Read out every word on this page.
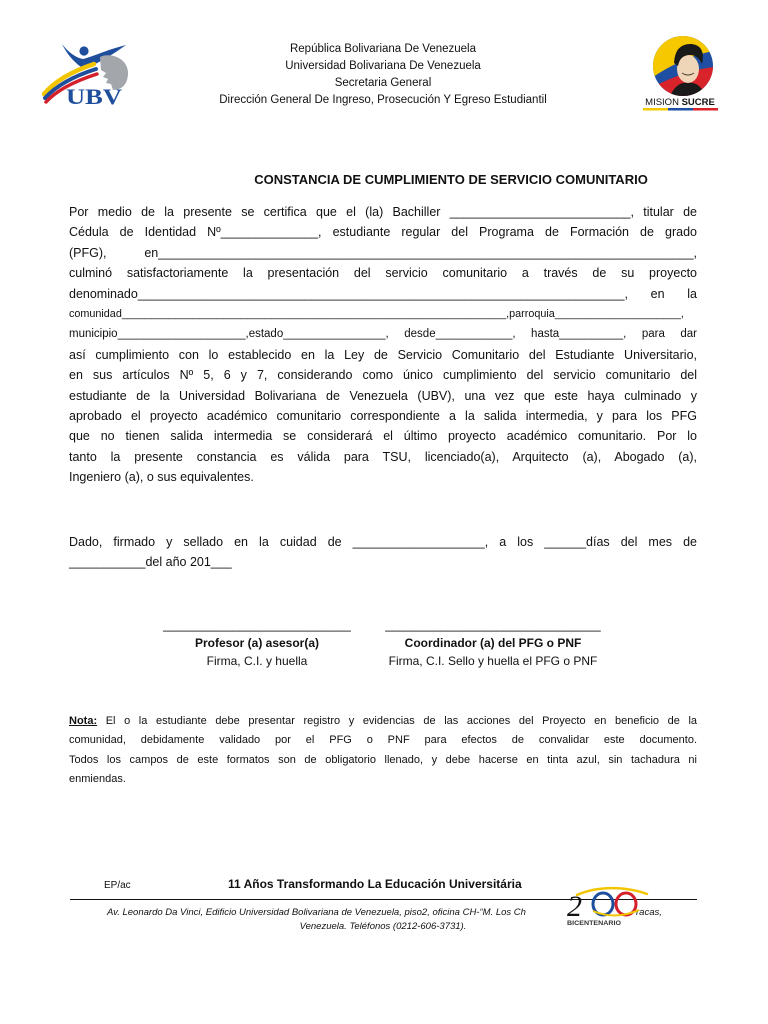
UBV	MISION SUCRE
República Bolivariana De Venezuela
Universidad Bolivariana De Venezuela
Secretaria General
Dirección General De Ingreso, Prosecución Y Egreso Estudiantil
CONSTANCIA DE CUMPLIMIENTO DE SERVICIO COMUNITARIO
Por medio de la presente se certifica que el (la) Bachiller __________________________, titular de
Cédula de Identidad Nº______________, estudiante regular del Programa de Formación de grado
(PFG), en_____________________________________________________________________________,
culminó satisfactoriamente la presentación del servicio comunitario a través de su proyecto
denominado______________________________________________________________________, en la
comunidad________________________________________________________________,parroquia_____________________,
municipio____________________,estado________________, desde____________, hasta__________, para dar
así cumplimiento con lo establecido en la Ley de Servicio Comunitario del Estudiante Universitario,
en sus artículos Nº 5, 6 y 7, considerando como único cumplimiento del servicio comunitario del
estudiante de la Universidad Bolivariana de Venezuela (UBV), una vez que este haya culminado y
aprobado el proyecto académico comunitario correspondiente a la salida intermedia, y para los PFG
que no tienen salida intermedia se considerará el último proyecto académico comunitario. Por lo
tanto la presente constancia es válida para TSU, licenciado(a), Arquitecto (a), Abogado (a),
Ingeniero (a), o sus equivalentes.
Dado, firmado y sellado en la cuidad de ___________________, a los ______días del mes de
___________del año 201___
___________________________
Profesor (a) asesor(a)
Firma, C.I. y huella
_______________________________
Coordinador (a) del PFG o PNF
Firma, C.I. Sello y huella el PFG o PNF
Nota: El o la estudiante debe presentar registro y evidencias de las acciones del Proyecto en beneficio de la
comunidad, debidamente validado por el PFG o PNF para efectos de convalidar este documento.
Todos los campos de este formatos son de obligatorio llenado, y debe hacerse en tinta azul, sin tachadura ni
enmiendas.
EP/ac	11 Años Transformando La Educación Universitária
Av. Leonardo Da Vinci, Edificio Universidad Bolivariana de Venezuela, piso2, oficina CH-“M. Los Ch	racas,
Venezuela. Teléfonos (0212-606-3731).
2
BICENTENARIO
